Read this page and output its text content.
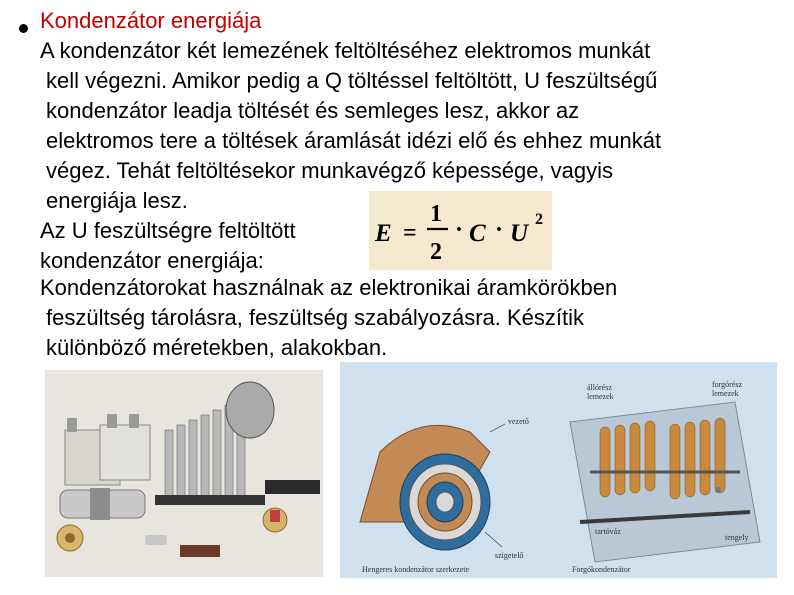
Kondenzátor energiája
A kondenzátor két lemezének feltöltéséhez elektromos munkát
kell végezni. Amikor pedig a Q töltéssel feltöltött, U feszültségű
kondenzátor leadja töltését és semleges lesz, akkor az
elektromos tere a töltések áramlását idézi elő és ehhez munkát
végez. Tehát feltöltésekor munkavégző képessége, vagyis
energiája lesz.
Az U feszültségre feltöltött
kondenzátor energiája:
E =
1
2
· C · U
2
Kondenzátorokat használnak az elektronikai áramkörökben
feszültség tárolásra, feszültség szabályozásra. Készítik
különböző méretekben, alakokban.
vezető
szigetelő
állórész
lemezek
forgórész
lemezek
tartóváz
tengely
Hengeres kondenzátor szerkezete	Forgókondenzátor
